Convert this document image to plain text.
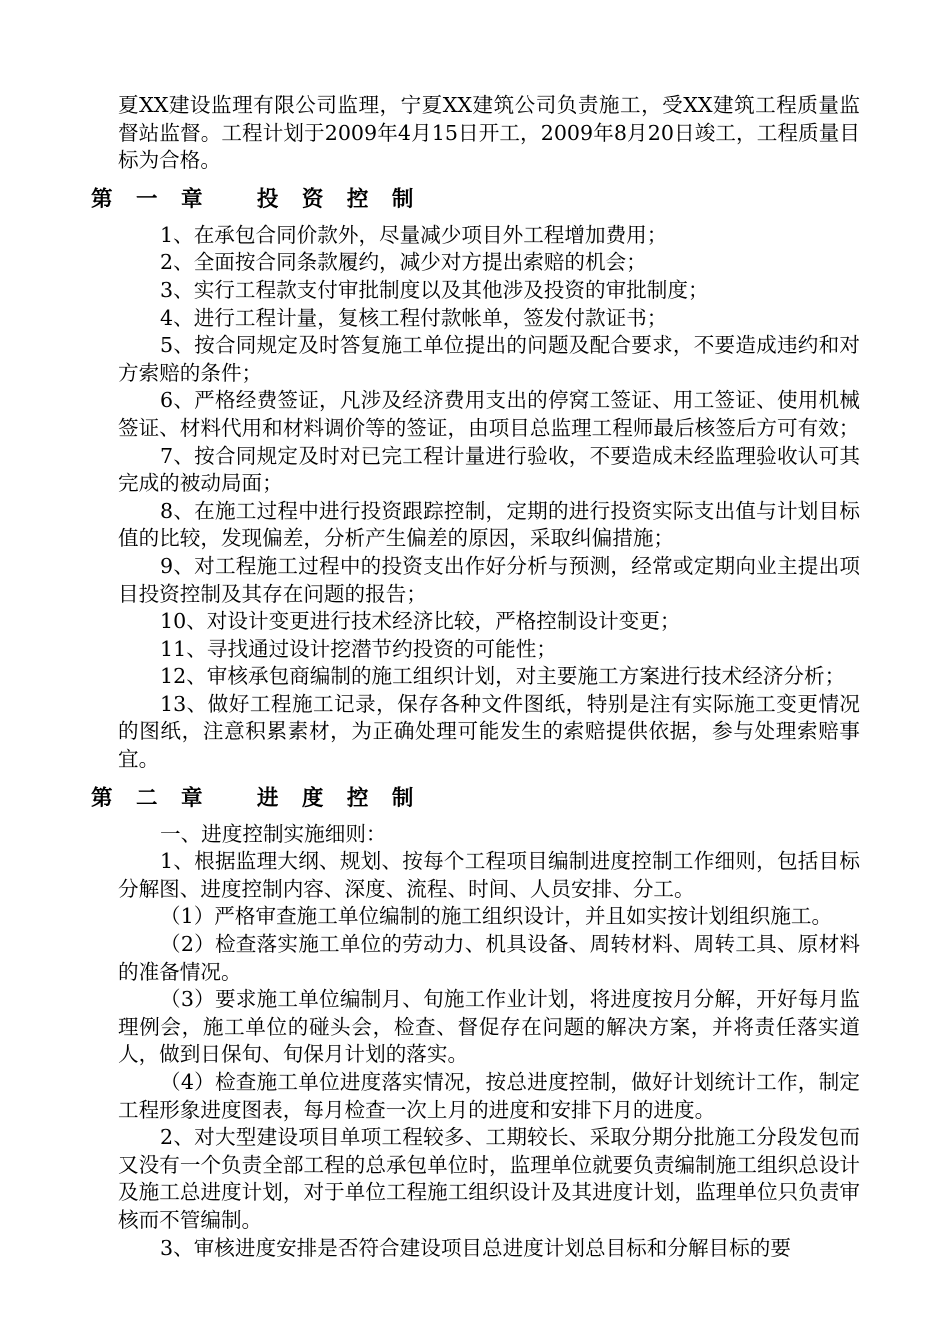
夏XX建设监理有限公司监理，宁夏XX建筑公司负责施工，受XX建筑工程质量监督站监督。工程计划于2009年4月15日开工，2009年8月20日竣工，工程质量目标为合格。

第 一 章   投 资 控 制

1、在承包合同价款外，尽量减少项目外工程增加费用；

2、全面按合同条款履约，减少对方提出索赔的机会；

3、实行工程款支付审批制度以及其他涉及投资的审批制度；

4、进行工程计量，复核工程付款帐单，签发付款证书；

5、按合同规定及时答复施工单位提出的问题及配合要求，不要造成违约和对方索赔的条件；

6、严格经费签证，凡涉及经济费用支出的停窝工签证、用工签证、使用机械签证、材料代用和材料调价等的签证，由项目总监理工程师最后核签后方可有效；

7、按合同规定及时对已完工程计量进行验收，不要造成未经监理验收认可其完成的被动局面；

8、在施工过程中进行投资跟踪控制，定期的进行投资实际支出值与计划目标值的比较，发现偏差，分析产生偏差的原因，采取纠偏措施；

9、对工程施工过程中的投资支出作好分析与预测，经常或定期向业主提出项目投资控制及其存在问题的报告；

10、对设计变更进行技术经济比较，严格控制设计变更；

11、寻找通过设计挖潜节约投资的可能性；

12、审核承包商编制的施工组织计划，对主要施工方案进行技术经济分析；

13、做好工程施工记录，保存各种文件图纸，特别是注有实际施工变更情况的图纸，注意积累素材，为正确处理可能发生的索赔提供依据，参与处理索赔事宜。

第 二 章   进 度 控 制

一、进度控制实施细则：

1、根据监理大纲、规划、按每个工程项目编制进度控制工作细则，包括目标分解图、进度控制内容、深度、流程、时间、人员安排、分工。

（1）严格审查施工单位编制的施工组织设计，并且如实按计划组织施工。

（2）检查落实施工单位的劳动力、机具设备、周转材料、周转工具、原材料的准备情况。

（3）要求施工单位编制月、旬施工作业计划，将进度按月分解，开好每月监理例会，施工单位的碰头会，检查、督促存在问题的解决方案，并将责任落实道人，做到日保旬、旬保月计划的落实。

（4）检查施工单位进度落实情况，按总进度控制，做好计划统计工作，制定工程形象进度图表，每月检查一次上月的进度和安排下月的进度。

2、对大型建设项目单项工程较多、工期较长、采取分期分批施工分段发包而又没有一个负责全部工程的总承包单位时，监理单位就要负责编制施工组织总设计及施工总进度计划，对于单位工程施工组织设计及其进度计划，监理单位只负责审核而不管编制。

3、审核进度安排是否符合建设项目总进度计划总目标和分解目标的要
